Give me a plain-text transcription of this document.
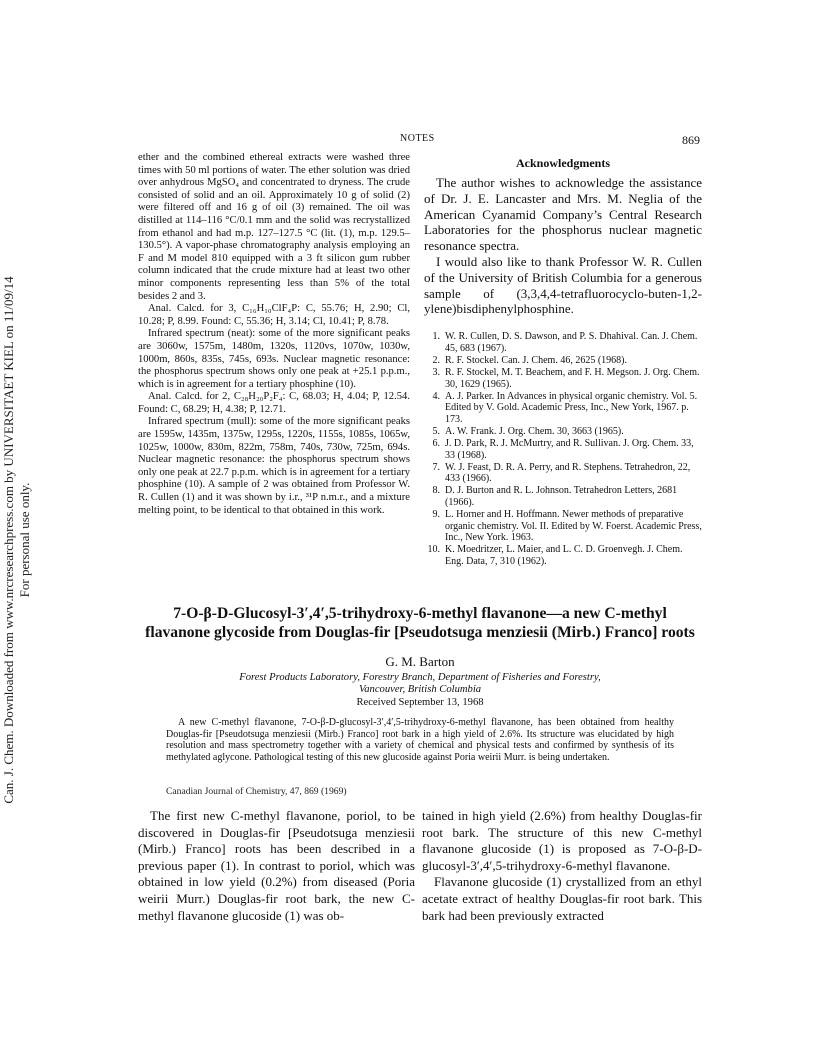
Can. J. Chem. Downloaded from www.nrcresearchpress.com by UNIVERSITAET KIEL on 11/09/14 For personal use only.
NOTES	869

ether and the combined ethereal extracts were washed three times with 50 ml portions of water. The ether solution was dried over anhydrous MgSO₄ and concentrated to dryness. The crude consisted of solid and an oil. Approximately 10 g of solid (2) were filtered off and 16 g of oil (3) remained. The oil was distilled at 114–116 °C/0.1 mm and the solid was recrystallized from ethanol and had m.p. 127–127.5 °C (lit. (1), m.p. 129.5–130.5°). A vapor-phase chromatography analysis employing an F and M model 810 equipped with a 3 ft silicon gum rubber column indicated that the crude mixture had at least two other minor components representing less than 5% of the total besides 2 and 3.

Anal. Calcd. for 3, C₁₆H₁₀ClF₄P: C, 55.76; H, 2.90; Cl, 10.28; P, 8.99. Found: C, 55.36; H, 3.14; Cl, 10.41; P, 8.78.

Infrared spectrum (neat): some of the more significant peaks are 3060w, 1575m, 1480m, 1320s, 1120vs, 1070w, 1030w, 1000m, 860s, 835s, 745s, 693s. Nuclear magnetic resonance: the phosphorus spectrum shows only one peak at +25.1 p.p.m., which is in agreement for a tertiary phosphine (10).

Anal. Calcd. for 2, C₂₈H₂₀P₂F₄: C, 68.03; H, 4.04; P, 12.54. Found: C, 68.29; H, 4.38; P, 12.71.

Infrared spectrum (mull): some of the more significant peaks are 1595w, 1435m, 1375w, 1295s, 1220s, 1155s, 1085s, 1065w, 1025w, 1000w, 830m, 822m, 758m, 740s, 730w, 725m, 694s. Nuclear magnetic resonance: the phosphorus spectrum shows only one peak at 22.7 p.p.m. which is in agreement for a tertiary phosphine (10). A sample of 2 was obtained from Professor W. R. Cullen (1) and it was shown by i.r., ³¹P n.m.r., and a mixture melting point, to be identical to that obtained in this work.

Acknowledgments

The author wishes to acknowledge the assistance of Dr. J. E. Lancaster and Mrs. M. Neglia of the American Cyanamid Company’s Central Research Laboratories for the phosphorus nuclear magnetic resonance spectra.

I would also like to thank Professor W. R. Cullen of the University of British Columbia for a generous sample of (3,3,4,4-tetrafluorocyclo-buten-1,2-ylene)bisdiphenylphosphine.

1. W. R. Cullen, D. S. Dawson, and P. S. Dhahival. Can. J. Chem. 45, 683 (1967).
2. R. F. Stockel. Can. J. Chem. 46, 2625 (1968).
3. R. F. Stockel, M. T. Beachem, and F. H. Megson. J. Org. Chem. 30, 1629 (1965).
4. A. J. Parker. In Advances in physical organic chemistry. Vol. 5. Edited by V. Gold. Academic Press, Inc., New York, 1967. p. 173.
5. A. W. Frank. J. Org. Chem. 30, 3663 (1965).
6. J. D. Park, R. J. McMurtry, and R. Sullivan. J. Org. Chem. 33, 33 (1968).
7. W. J. Feast, D. R. A. Perry, and R. Stephens. Tetrahedron, 22, 433 (1966).
8. D. J. Burton and R. L. Johnson. Tetrahedron Letters, 2681 (1966).
9. L. Horner and H. Hoffmann. Newer methods of preparative organic chemistry. Vol. II. Edited by W. Foerst. Academic Press, Inc., New York. 1963.
10. K. Moedritzer, L. Maier, and L. C. D. Groenvegh. J. Chem. Eng. Data, 7, 310 (1962).
7-O-β-D-Glucosyl-3′,4′,5-trihydroxy-6-methyl flavanone—a new C-methyl
flavanone glycoside from Douglas-fir [Pseudotsuga menziesii (Mirb.) Franco] roots
G. M. Barton
Forest Products Laboratory, Forestry Branch, Department of Fisheries and Forestry,
Vancouver, British Columbia
Received September 13, 1968

A new C-methyl flavanone, 7-O-β-D-glucosyl-3′,4′,5-trihydroxy-6-methyl flavanone, has been obtained from healthy Douglas-fir [Pseudotsuga menziesii (Mirb.) Franco] root bark in a high yield of 2.6%. Its structure was elucidated by high resolution and mass spectrometry together with a variety of chemical and physical tests and confirmed by synthesis of its methylated aglycone. Pathological testing of this new glucoside against Poria weirii Murr. is being undertaken.

Canadian Journal of Chemistry, 47, 869 (1969)

The first new C-methyl flavanone, poriol, to be discovered in Douglas-fir [Pseudotsuga menziesii (Mirb.) Franco] roots has been described in a previous paper (1). In contrast to poriol, which was obtained in low yield (0.2%) from diseased (Poria weirii Murr.) Douglas-fir root bark, the new C-methyl flavanone glucoside (1) was ob-

tained in high yield (2.6%) from healthy Douglas-fir root bark. The structure of this new C-methyl flavanone glucoside (1) is proposed as 7-O-β-D-glucosyl-3′,4′,5-trihydroxy-6-methyl flavanone.

Flavanone glucoside (1) crystallized from an ethyl acetate extract of healthy Douglas-fir root bark. This bark had been previously extracted
